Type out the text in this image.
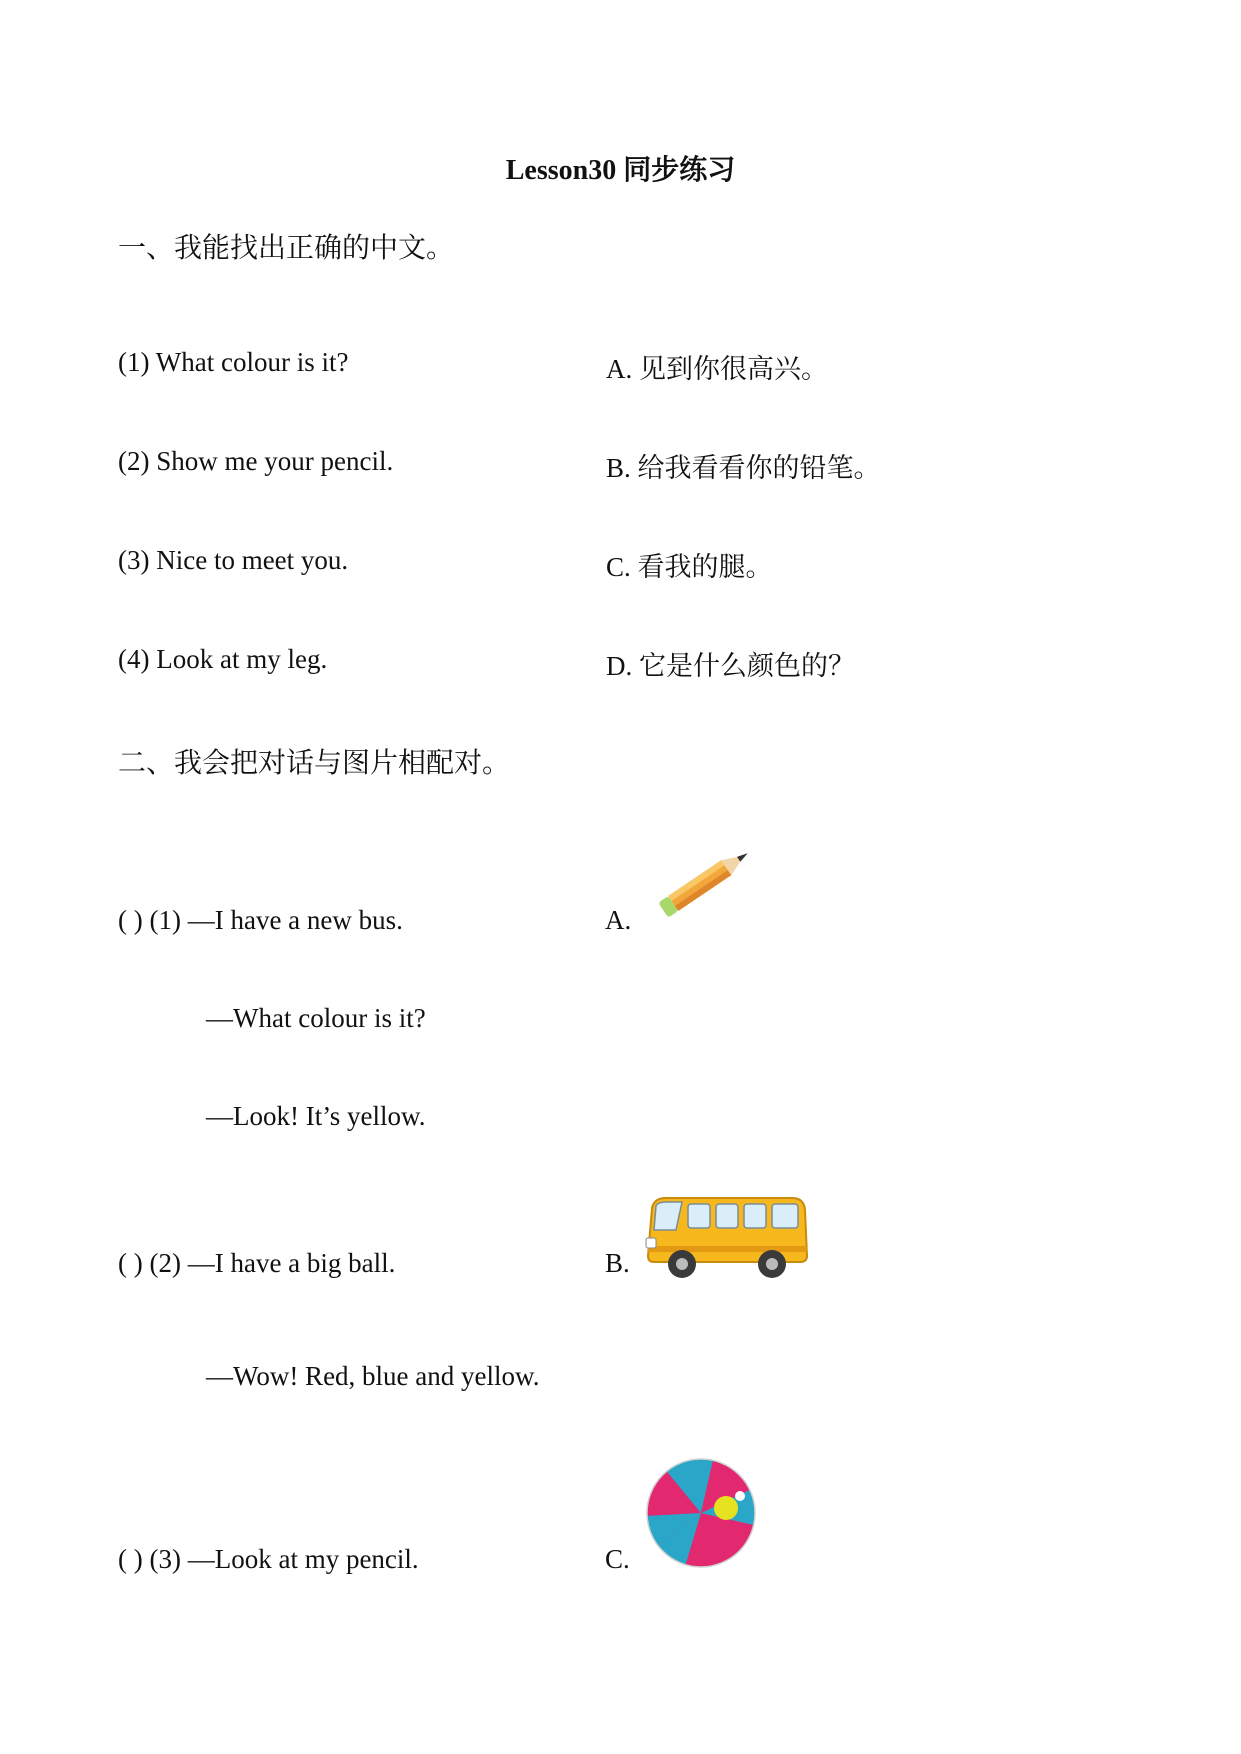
Lesson30 同步练习
一、我能找出正确的中文。
(1) What colour is it?
(2) Show me your pencil.
(3) Nice to meet you.
(4) Look at my leg.
A. 见到你很高兴。
B. 给我看看你的铅笔。
C. 看我的腿。
D. 它是什么颜色的？
二、我会把对话与图片相配对。
( ) (1) —I have a new bus.
—What colour is it?
—Look! It’s yellow.
( ) (2) —I have a big ball.
—Wow! Red, blue and yellow.
( ) (3) —Look at my pencil.
A.
B.
C.
